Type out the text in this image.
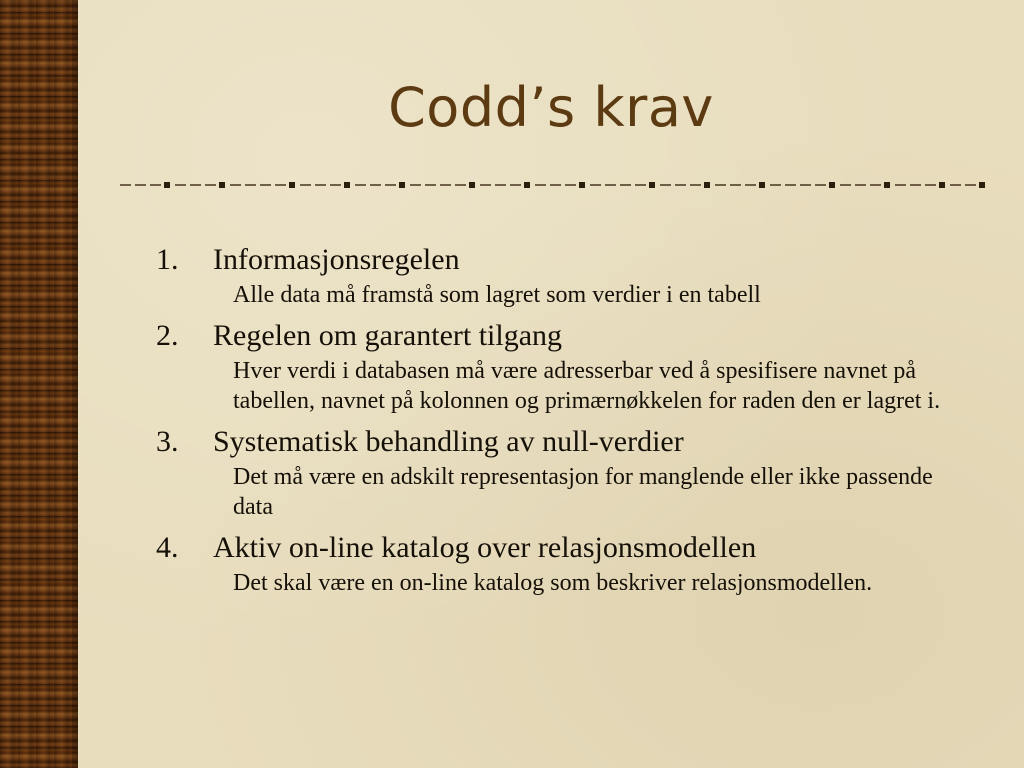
Codd’s krav
1.	Informasjonsregelen
Alle data må framstå som lagret som verdier i en tabell
2.	Regelen om garantert tilgang
Hver verdi i databasen må være adresserbar ved å spesifisere navnet på tabellen, navnet på kolonnen og primærnøkkelen for raden den er lagret i.
3.	Systematisk behandling av null-verdier
Det må være en adskilt representasjon for manglende eller ikke passende data
4.	Aktiv on-line katalog over relasjonsmodellen
Det skal være en on-line katalog som beskriver relasjonsmodellen.
